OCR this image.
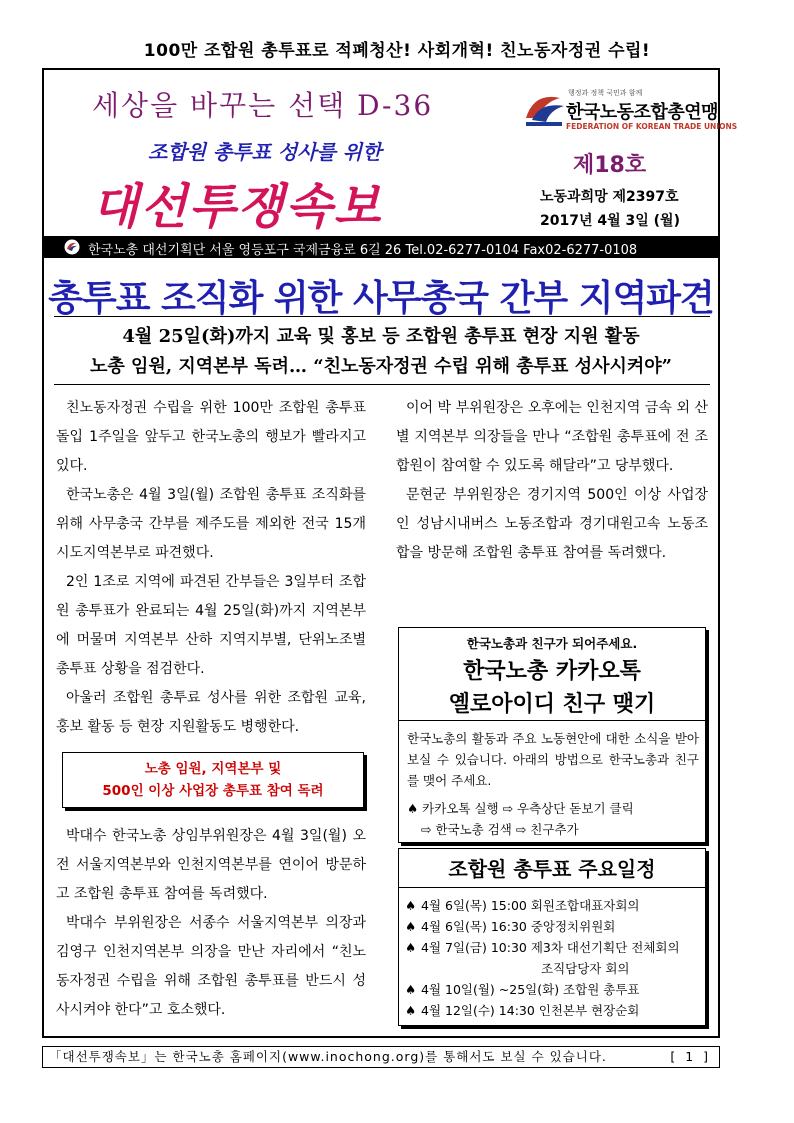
100만 조합원 총투표로 적폐청산! 사회개혁! 친노동자정권 수립!
세상을 바꾸는 선택 D-36	행정과 정책 국민과 함께
한국노동조합총연맹
FEDERATION OF KOREAN TRADE UNIONS
조합원 총투표 성사를 위한
대선투쟁속보
제18호
노동과희망 제2397호
2017년 4월 3일 (월)
한국노총 대선기획단 서울 영등포구 국제금융로 6길 26 Tel.02-6277-0104 Fax02-6277-0108
총투표 조직화 위한 사무총국 간부 지역파견
4월 25일(화)까지 교육 및 홍보 등 조합원 총투표 현장 지원 활동
노총 임원, 지역본부 독려… “친노동자정권 수립 위해 총투표 성사시켜야”

친노동자정권 수립을 위한 100만 조합원 총투표 돌입 1주일을 앞두고 한국노총의 행보가 빨라지고 있다.

한국노총은 4월 3일(월) 조합원 총투표 조직화를 위해 사무총국 간부를 제주도를 제외한 전국 15개 시도지역본부로 파견했다.

2인 1조로 지역에 파견된 간부들은 3일부터 조합원 총투표가 완료되는 4월 25일(화)까지 지역본부에 머물며 지역본부 산하 지역지부별, 단위노조별 총투표 상황을 점검한다.

아울러 조합원 총투료 성사를 위한 조합원 교육, 홍보 활동 등 현장 지원활동도 병행한다.

노총 임원, 지역본부 및
500인 이상 사업장 총투표 참여 독려

박대수 한국노총 상임부위원장은 4월 3일(월) 오전 서울지역본부와 인천지역본부를 연이어 방문하고 조합원 총투표 참여를 독려했다.

박대수 부위원장은 서종수 서울지역본부 의장과 김영구 인천지역본부 의장을 만난 자리에서 “친노동자정권 수립을 위해 조합원 총투표를 반드시 성사시켜야 한다”고 호소했다.

이어 박 부위원장은 오후에는 인천지역 금속 외 산별 지역본부 의장들을 만나 “조합원 총투표에 전 조합원이 참여할 수 있도록 해달라”고 당부했다.

문현군 부위원장은 경기지역 500인 이상 사업장인 성남시내버스 노동조합과 경기대원고속 노동조합을 방문해 조합원 총투표 참여를 독려했다.

한국노총과 친구가 되어주세요.
한국노총 카카오톡
옐로아이디 친구 맺기
한국노총의 활동과 주요 노동현안에 대한 소식을 받아보실 수 있습니다. 아래의 방법으로 한국노총과 친구를 맺어 주세요.
♠ 카카오톡 실행 ⇨ 우측상단 돋보기 클릭
⇨ 한국노총 검색 ⇨ 친구추가
조합원 총투표 주요일정
♠ 4월 6일(목) 15:00 회원조합대표자회의
♠ 4월 6일(목) 16:30 중앙정치위원회
♠ 4월 7일(금) 10:30 제3차 대선기획단 전체회의
조직담당자 회의
♠ 4월 10일(월) ~25일(화) 조합원 총투표
♠ 4월 12일(수) 14:30 인천본부 현장순회
「대선투쟁속보」는 한국노총 홈페이지(www.inochong.org)를 통해서도 보실 수 있습니다.	[ 1 ]
